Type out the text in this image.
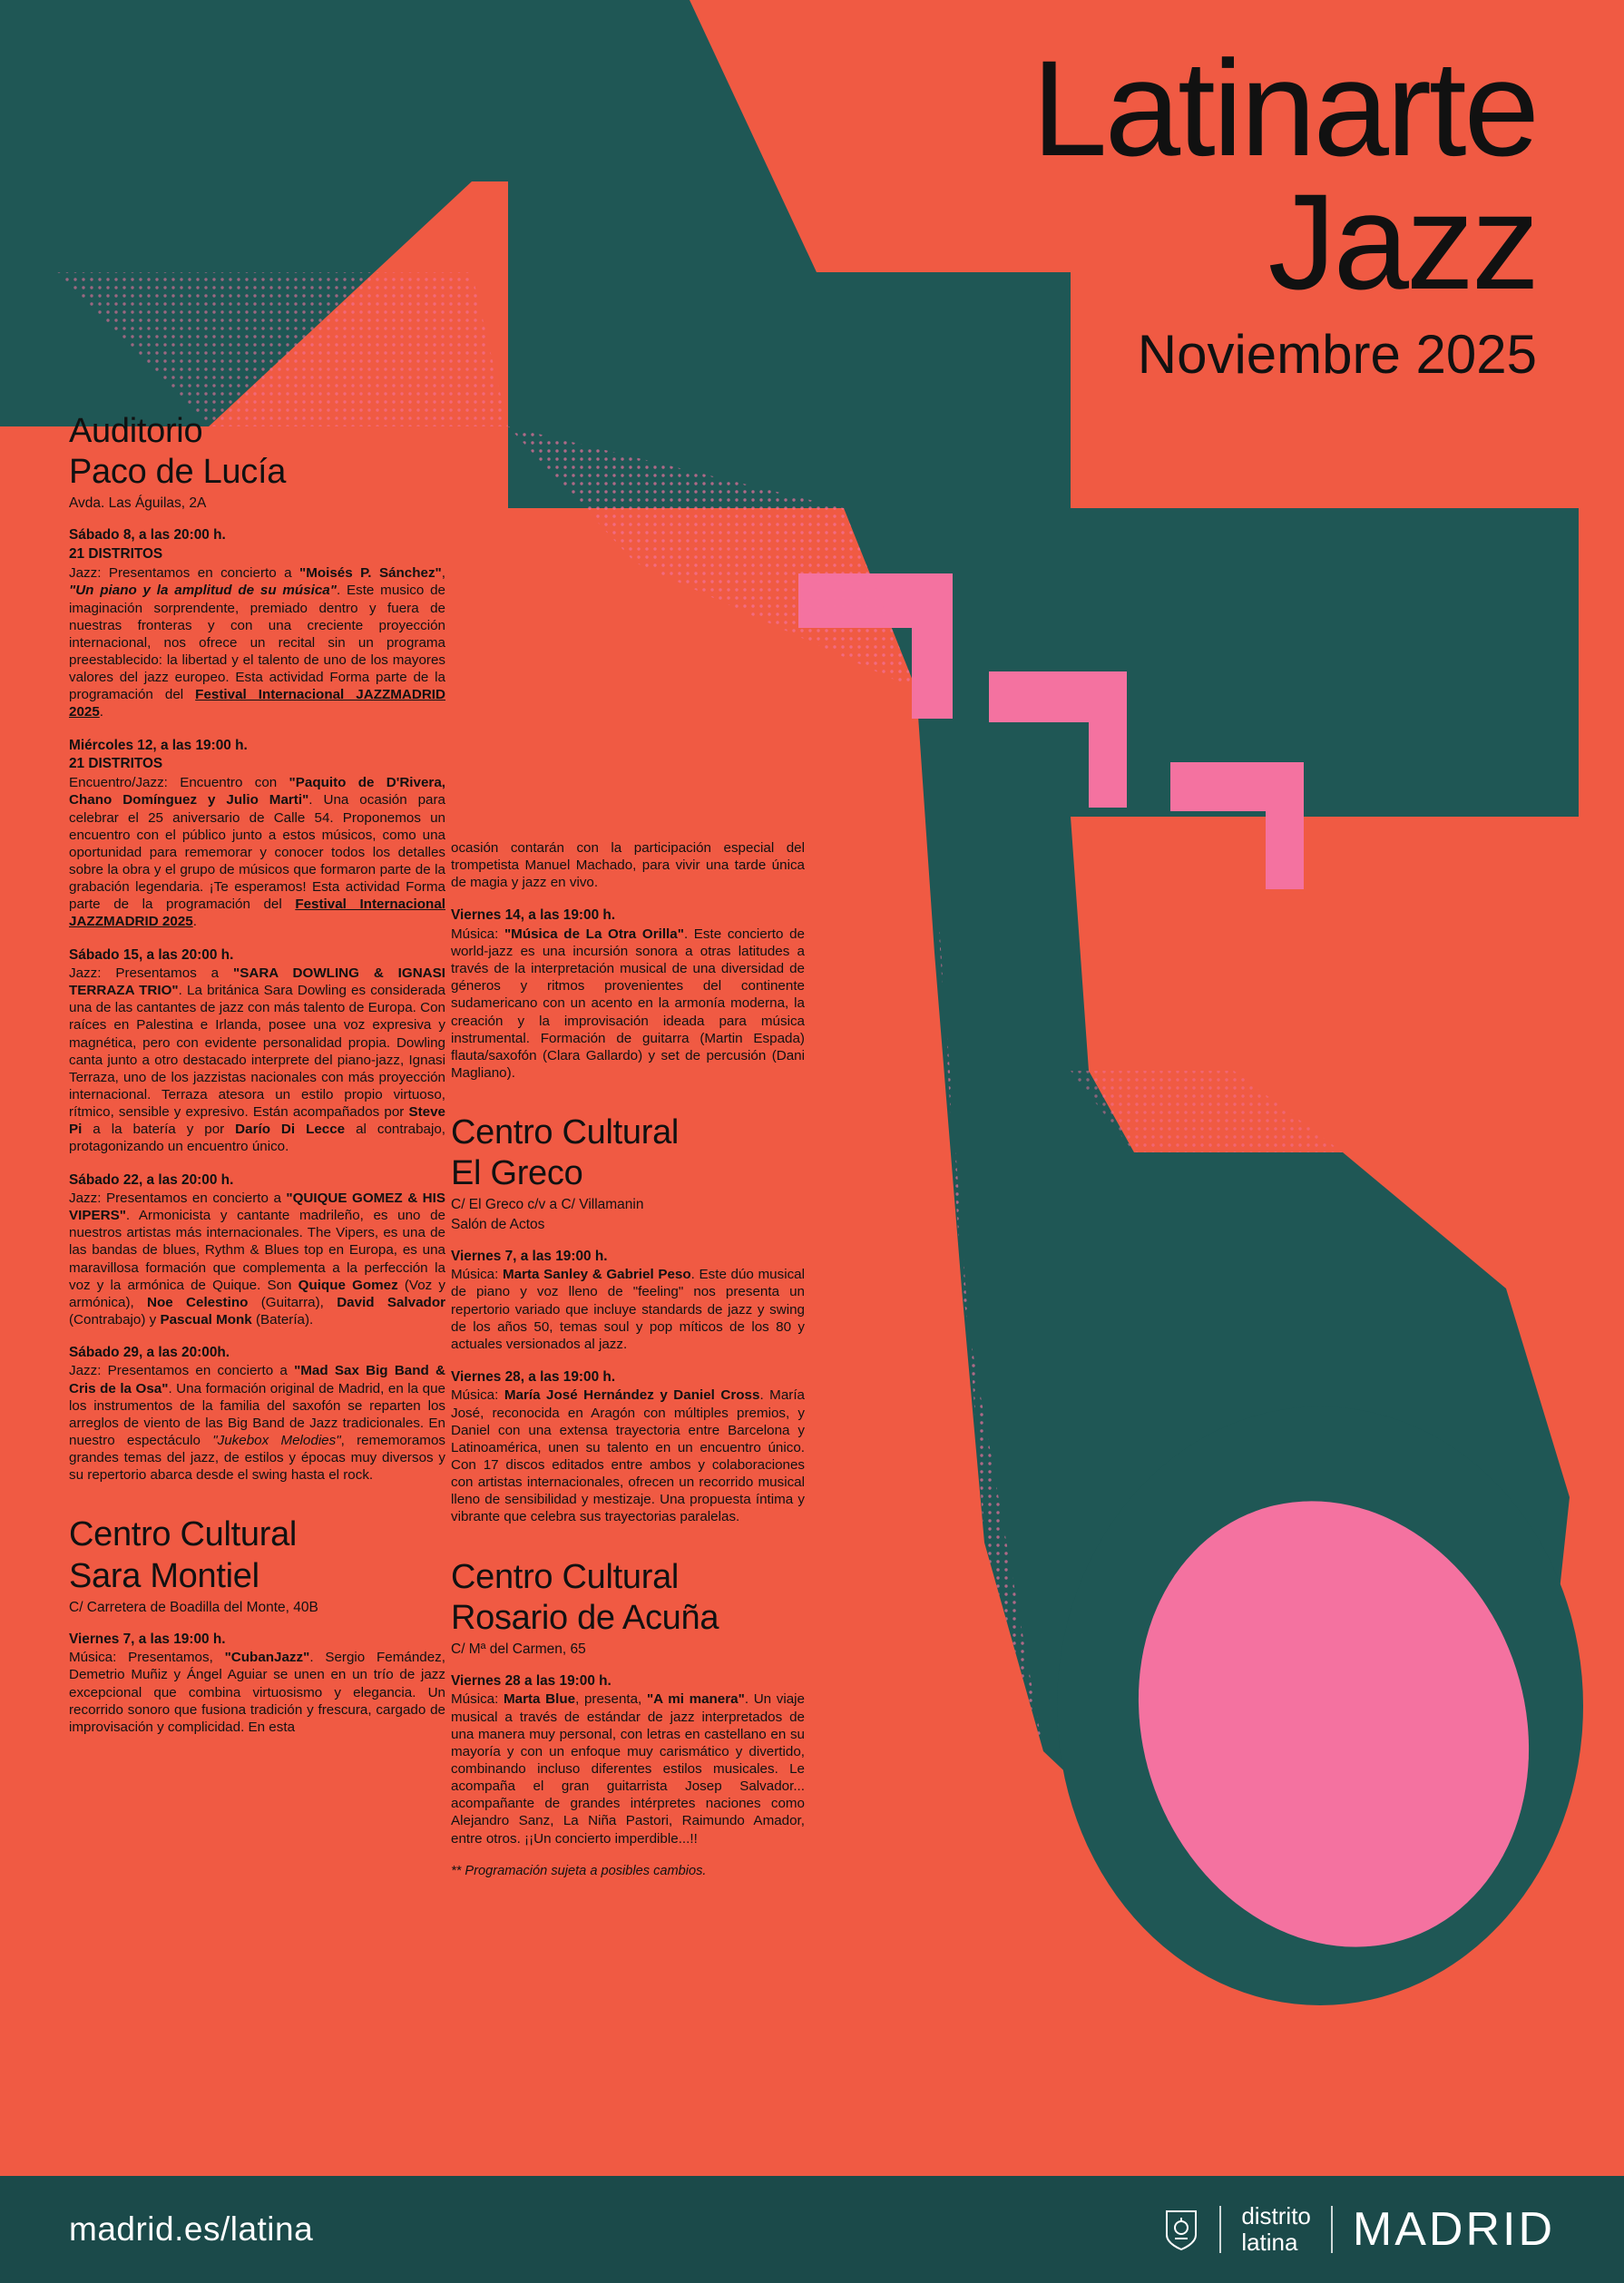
Latinarte
Jazz
Noviembre 2025
Auditorio
Paco de Lucía
Avda. Las Águilas, 2A
Sábado 8, a las 20:00 h.
21 DISTRITOS
Jazz: Presentamos en concierto a "Moisés P. Sánchez", "Un piano y la amplitud de su música". Este musico de imaginación sorprendente, premiado dentro y fuera de nuestras fronteras y con una creciente proyección internacional, nos ofrece un recital sin un programa preestablecido: la libertad y el talento de uno de los mayores valores del jazz europeo. Esta actividad Forma parte de la programación del Festival Internacional JAZZMADRID 2025.
Miércoles 12, a las 19:00 h.
21 DISTRITOS
Encuentro/Jazz: Encuentro con "Paquito de D'Rivera, Chano Domínguez y Julio Marti". Una ocasión para celebrar el 25 aniversario de Calle 54. Proponemos un encuentro con el público junto a estos músicos, como una oportunidad para rememorar y conocer todos los detalles sobre la obra y el grupo de músicos que formaron parte de la grabación legendaria. ¡Te esperamos! Esta actividad Forma parte de la programación del Festival Internacional JAZZMADRID 2025.
Sábado 15, a las 20:00 h.
Jazz: Presentamos a "SARA DOWLING & IGNASI TERRAZA TRIO". La británica Sara Dowling es considerada una de las cantantes de jazz con más talento de Europa. Con raíces en Palestina e Irlanda, posee una voz expresiva y magnética, pero con evidente personalidad propia. Dowling canta junto a otro destacado interprete del piano-jazz, Ignasi Terraza, uno de los jazzistas nacionales con más proyección internacional. Terraza atesora un estilo propio virtuoso, rítmico, sensible y expresivo. Están acompañados por Steve Pi a la batería y por Darío Di Lecce al contrabajo, protagonizando un encuentro único.
Sábado 22, a las 20:00 h.
Jazz: Presentamos en concierto a "QUIQUE GOMEZ & HIS VIPERS". Armonicista y cantante madrileño, es uno de nuestros artistas más internacionales. The Vipers, es una de las bandas de blues, Rythm & Blues top en Europa, es una maravillosa formación que complementa a la perfección la voz y la armónica de Quique. Son Quique Gomez (Voz y armónica), Noe Celestino (Guitarra), David Salvador (Contrabajo) y Pascual Monk (Batería).
Sábado 29, a las 20:00h.
Jazz: Presentamos en concierto a "Mad Sax Big Band & Cris de la Osa". Una formación original de Madrid, en la que los instrumentos de la familia del saxofón se reparten los arreglos de viento de las Big Band de Jazz tradicionales. En nuestro espectáculo "Jukebox Melodies", rememoramos grandes temas del jazz, de estilos y épocas muy diversos y su repertorio abarca desde el swing hasta el rock.
Centro Cultural
Sara Montiel
C/ Carretera de Boadilla del Monte, 40B
Viernes 7, a las 19:00 h.
Música: Presentamos, "CubanJazz". Sergio Femández, Demetrio Muñiz y Ángel Aguiar se unen en un trío de jazz excepcional que combina virtuosismo y elegancia. Un recorrido sonoro que fusiona tradición y frescura, cargado de improvisación y complicidad. En esta
ocasión contarán con la participación especial del trompetista Manuel Machado, para vivir una tarde única de magia y jazz en vivo.
Viernes 14, a las 19:00 h.
Música: "Música de La Otra Orilla". Este concierto de world-jazz es una incursión sonora a otras latitudes a través de la interpretación musical de una diversidad de géneros y ritmos provenientes del continente sudamericano con un acento en la armonía moderna, la creación y la improvisación ideada para música instrumental. Formación de guitarra (Martin Espada) flauta/saxofón (Clara Gallardo) y set de percusión (Dani Magliano).
Centro Cultural
El Greco
C/ El Greco c/v a C/ Villamanin
Salón de Actos
Viernes 7, a las 19:00 h.
Música: Marta Sanley & Gabriel Peso. Este dúo musical de piano y voz lleno de "feeling" nos presenta un repertorio variado que incluye standards de jazz y swing de los años 50, temas soul y pop míticos de los 80 y actuales versionados al jazz.
Viernes 28, a las 19:00 h.
Música: María José Hernández y Daniel Cross. María José, reconocida en Aragón con múltiples premios, y Daniel con una extensa trayectoria entre Barcelona y Latinoamérica, unen su talento en un encuentro único. Con 17 discos editados entre ambos y colaboraciones con artistas internacionales, ofrecen un recorrido musical lleno de sensibilidad y mestizaje. Una propuesta íntima y vibrante que celebra sus trayectorias paralelas.
Centro Cultural
Rosario de Acuña
C/ Mª del Carmen, 65
Viernes 28 a las 19:00 h.
Música: Marta Blue, presenta, "A mi manera". Un viaje musical a través de estándar de jazz interpretados de una manera muy personal, con letras en castellano en su mayoría y con un enfoque muy carismático y divertido, combinando incluso diferentes estilos musicales. Le acompaña el gran guitarrista Josep Salvador... acompañante de grandes intérpretes naciones como Alejandro Sanz, La Niña Pastori, Raimundo Amador, entre otros. ¡¡Un concierto imperdible...!!
** Programación sujeta a posibles cambios.
madrid.es/latina	distrito
latina MADRID
